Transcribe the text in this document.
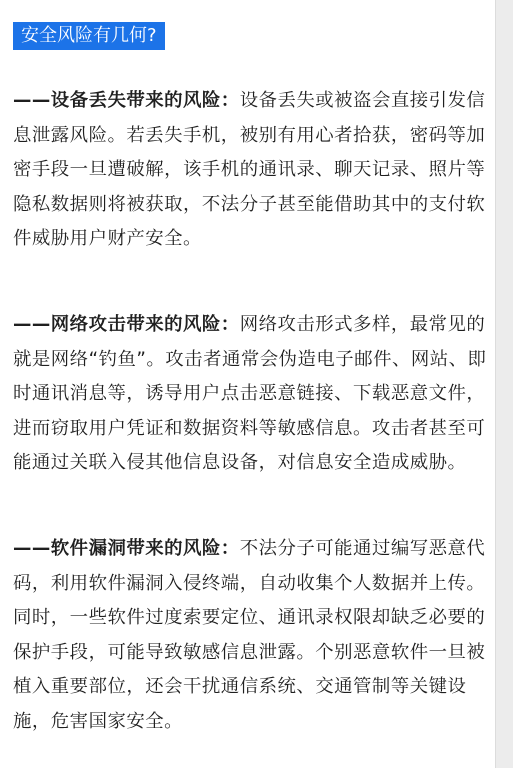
安全风险有几何?

——设备丢失带来的风险：设备丢失或被盗会直接引发信息泄露风险。若丢失手机，被别有用心者拾获，密码等加密手段一旦遭破解，该手机的通讯录、聊天记录、照片等隐私数据则将被获取，不法分子甚至能借助其中的支付软件威胁用户财产安全。

——网络攻击带来的风险：网络攻击形式多样，最常见的就是网络“钓鱼”。攻击者通常会伪造电子邮件、网站、即时通讯消息等，诱导用户点击恶意链接、下载恶意文件，进而窃取用户凭证和数据资料等敏感信息。攻击者甚至可能通过关联入侵其他信息设备，对信息安全造成威胁。

——软件漏洞带来的风险：不法分子可能通过编写恶意代码，利用软件漏洞入侵终端，自动收集个人数据并上传。同时，一些软件过度索要定位、通讯录权限却缺乏必要的保护手段，可能导致敏感信息泄露。个别恶意软件一旦被植入重要部位，还会干扰通信系统、交通管制等关键设施，危害国家安全。
